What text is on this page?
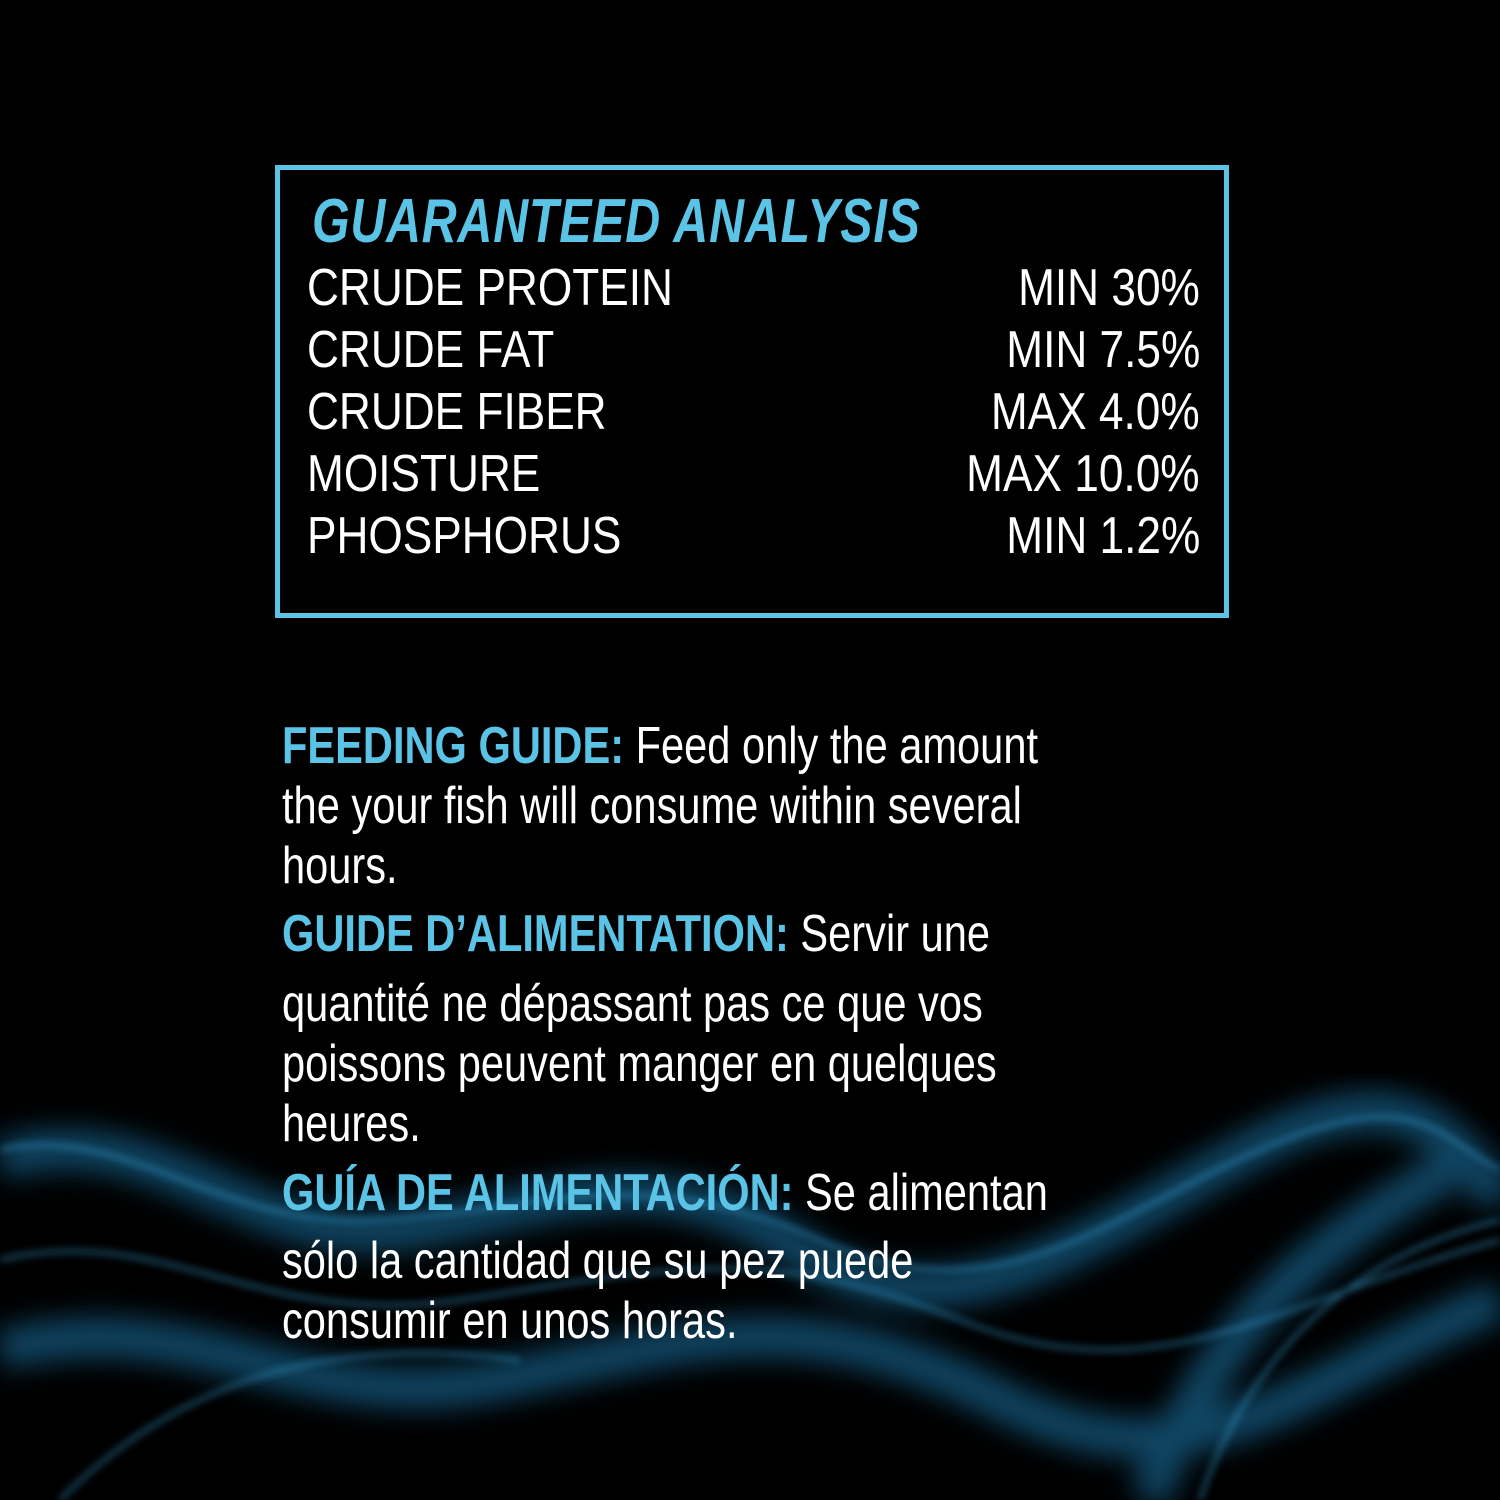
GUARANTEED ANALYSIS
CRUDE PROTEIN	MIN 30%
CRUDE FAT	MIN 7.5%
CRUDE FIBER	MAX 4.0%
MOISTURE	MAX 10.0%
PHOSPHORUS	MIN 1.2%
FEEDING GUIDE: Feed only the amount
the your fish will consume within several
hours.
GUIDE D’ALIMENTATION: Servir une
quantité ne dépassant pas ce que vos
poissons peuvent manger en quelques
heures.
GUÍA DE ALIMENTACIÓN: Se alimentan
sólo la cantidad que su pez puede
consumir en unos horas.
